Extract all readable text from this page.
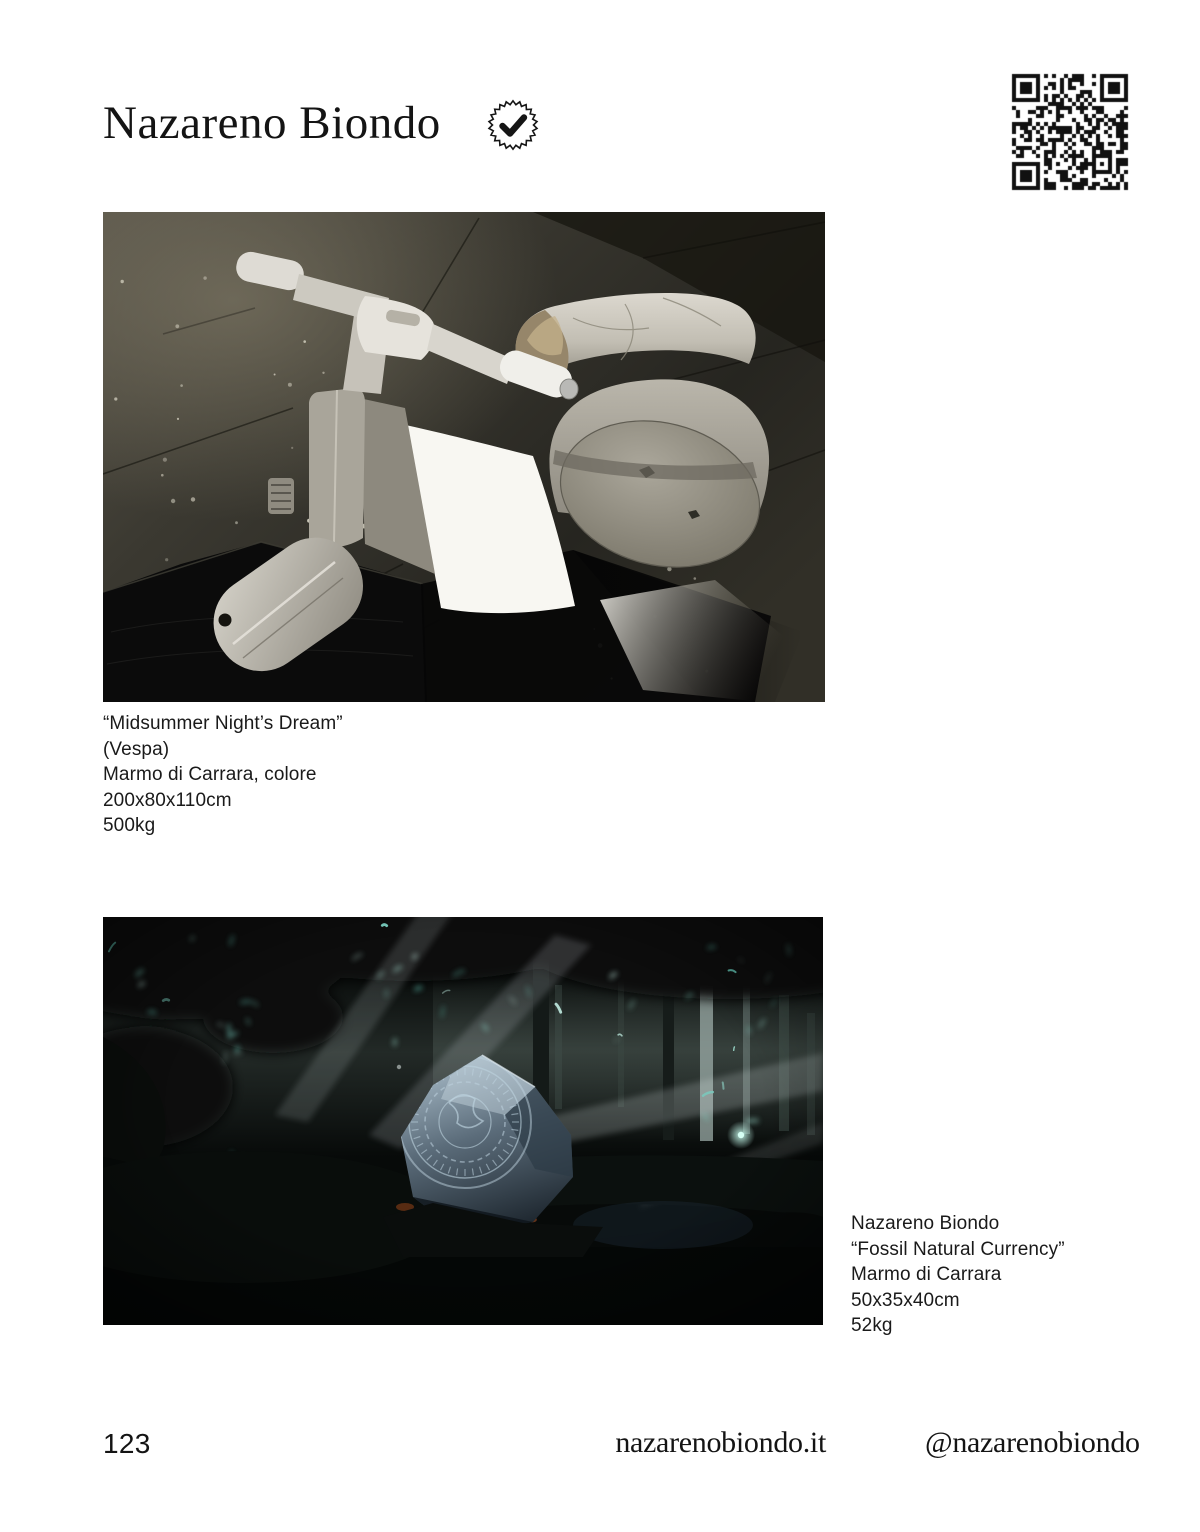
Nazareno Biondo
“Midsummer Night’s Dream”
(Vespa)
Marmo di Carrara, colore
200x80x110cm
500kg
Nazareno Biondo
“Fossil Natural Currency”
Marmo di Carrara
50x35x40cm
52kg
123	nazarenobiondo.it	@nazarenobiondo
